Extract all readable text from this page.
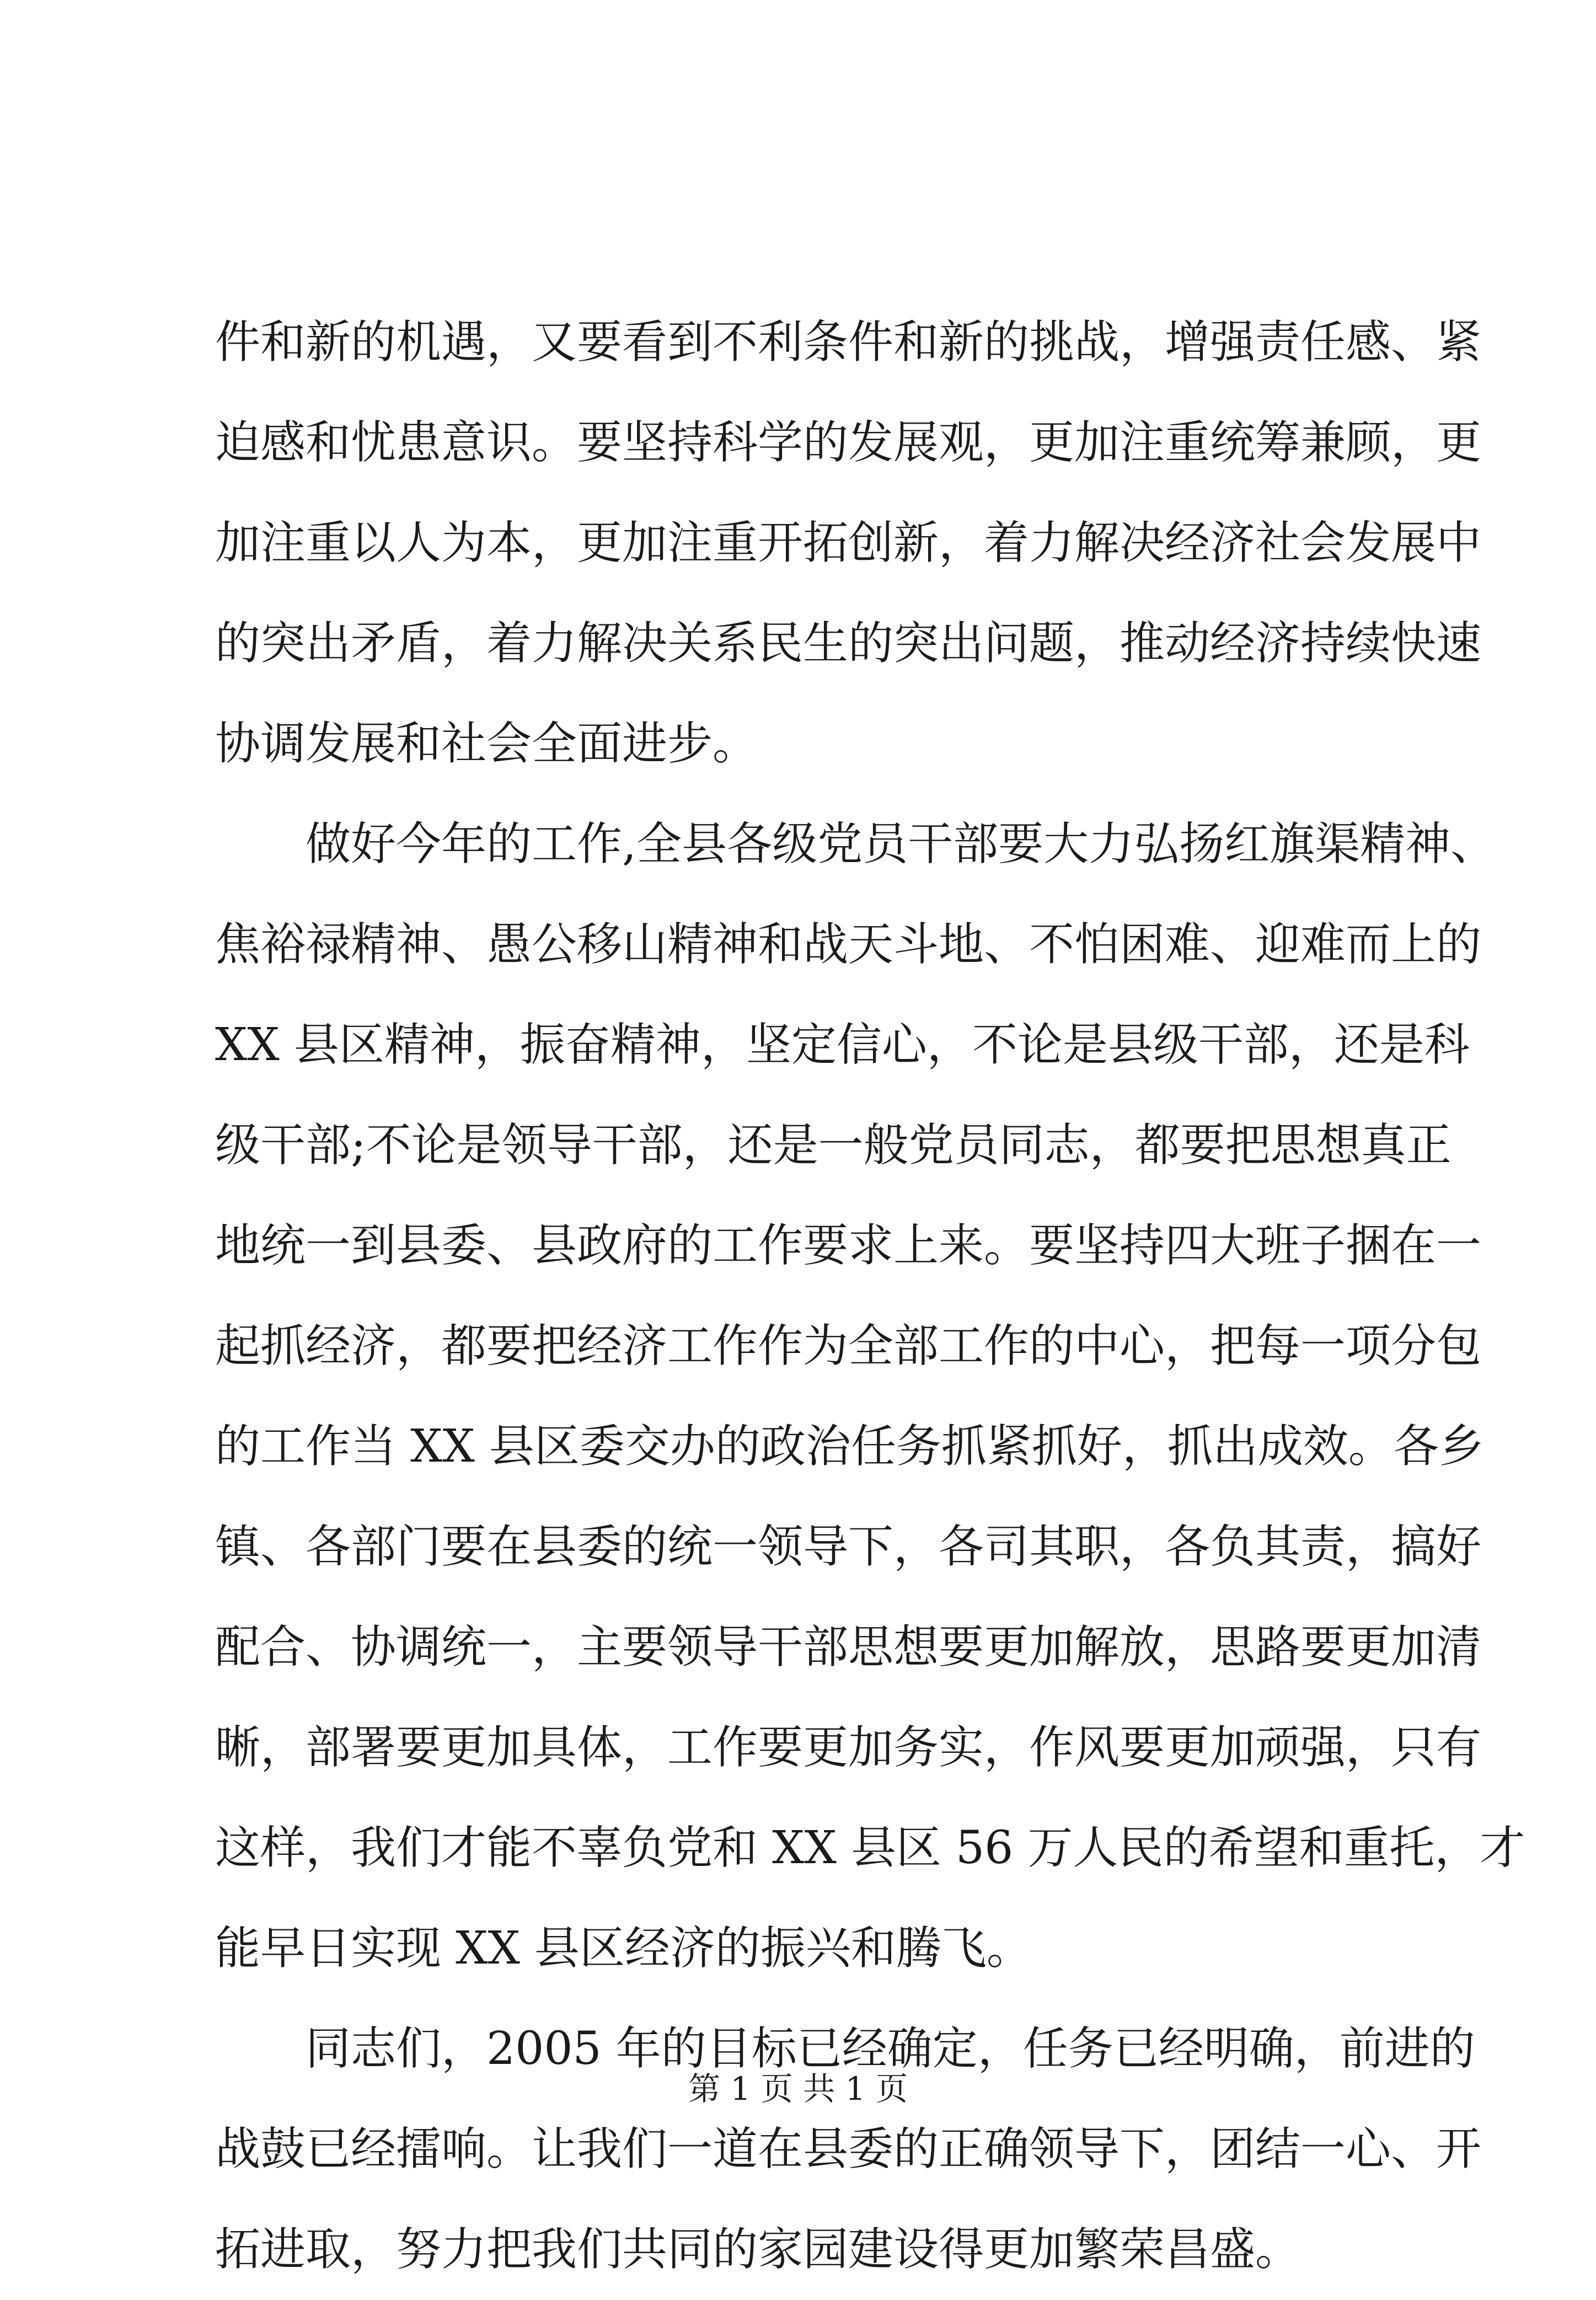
件和新的机遇，又要看到不利条件和新的挑战，增强责任感、紧
迫感和忧患意识。要坚持科学的发展观，更加注重统筹兼顾，更
加注重以人为本，更加注重开拓创新，着力解决经济社会发展中
的突出矛盾，着力解决关系民生的突出问题，推动经济持续快速
协调发展和社会全面进步。
　　做好今年的工作,全县各级党员干部要大力弘扬红旗渠精神、
焦裕禄精神、愚公移山精神和战天斗地、不怕困难、迎难而上的
XX 县区精神，振奋精神，坚定信心，不论是县级干部，还是科
级干部;不论是领导干部，还是一般党员同志，都要把思想真正
地统一到县委、县政府的工作要求上来。要坚持四大班子捆在一
起抓经济，都要把经济工作作为全部工作的中心，把每一项分包
的工作当 XX 县区委交办的政治任务抓紧抓好，抓出成效。各乡
镇、各部门要在县委的统一领导下，各司其职，各负其责，搞好
配合、协调统一，主要领导干部思想要更加解放，思路要更加清
晰，部署要更加具体，工作要更加务实，作风要更加顽强，只有
这样，我们才能不辜负党和 XX 县区 56 万人民的希望和重托，才
能早日实现 XX 县区经济的振兴和腾飞。
　　同志们，2005 年的目标已经确定，任务已经明确，前进的
战鼓已经擂响。让我们一道在县委的正确领导下，团结一心、开
拓进取，努力把我们共同的家园建设得更加繁荣昌盛。
第 1 页 共 1 页
